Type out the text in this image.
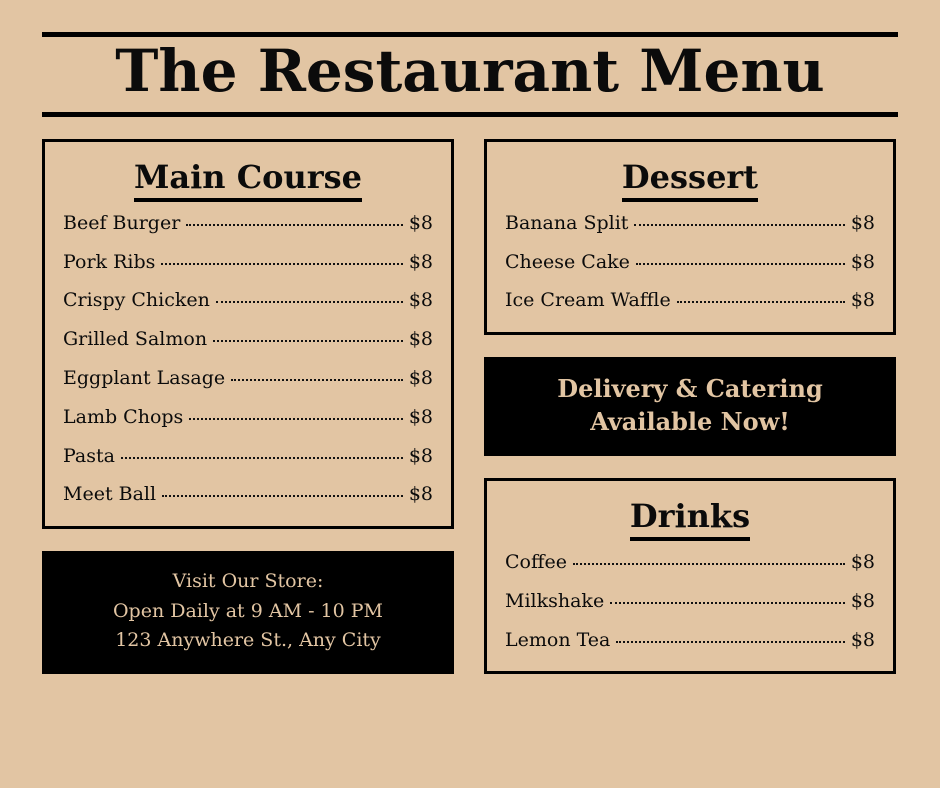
The Restaurant Menu
Main Course
Beef Burger	$8
Pork Ribs	$8
Crispy Chicken	$8
Grilled Salmon	$8
Eggplant Lasage	$8
Lamb Chops	$8
Pasta	$8
Meet Ball	$8
Visit Our Store:
Open Daily at 9 AM - 10 PM
123 Anywhere St., Any City
Dessert
Banana Split	$8
Cheese Cake	$8
Ice Cream Waffle	$8
Delivery & Catering
Available Now!
Drinks
Coffee	$8
Milkshake	$8
Lemon Tea	$8
